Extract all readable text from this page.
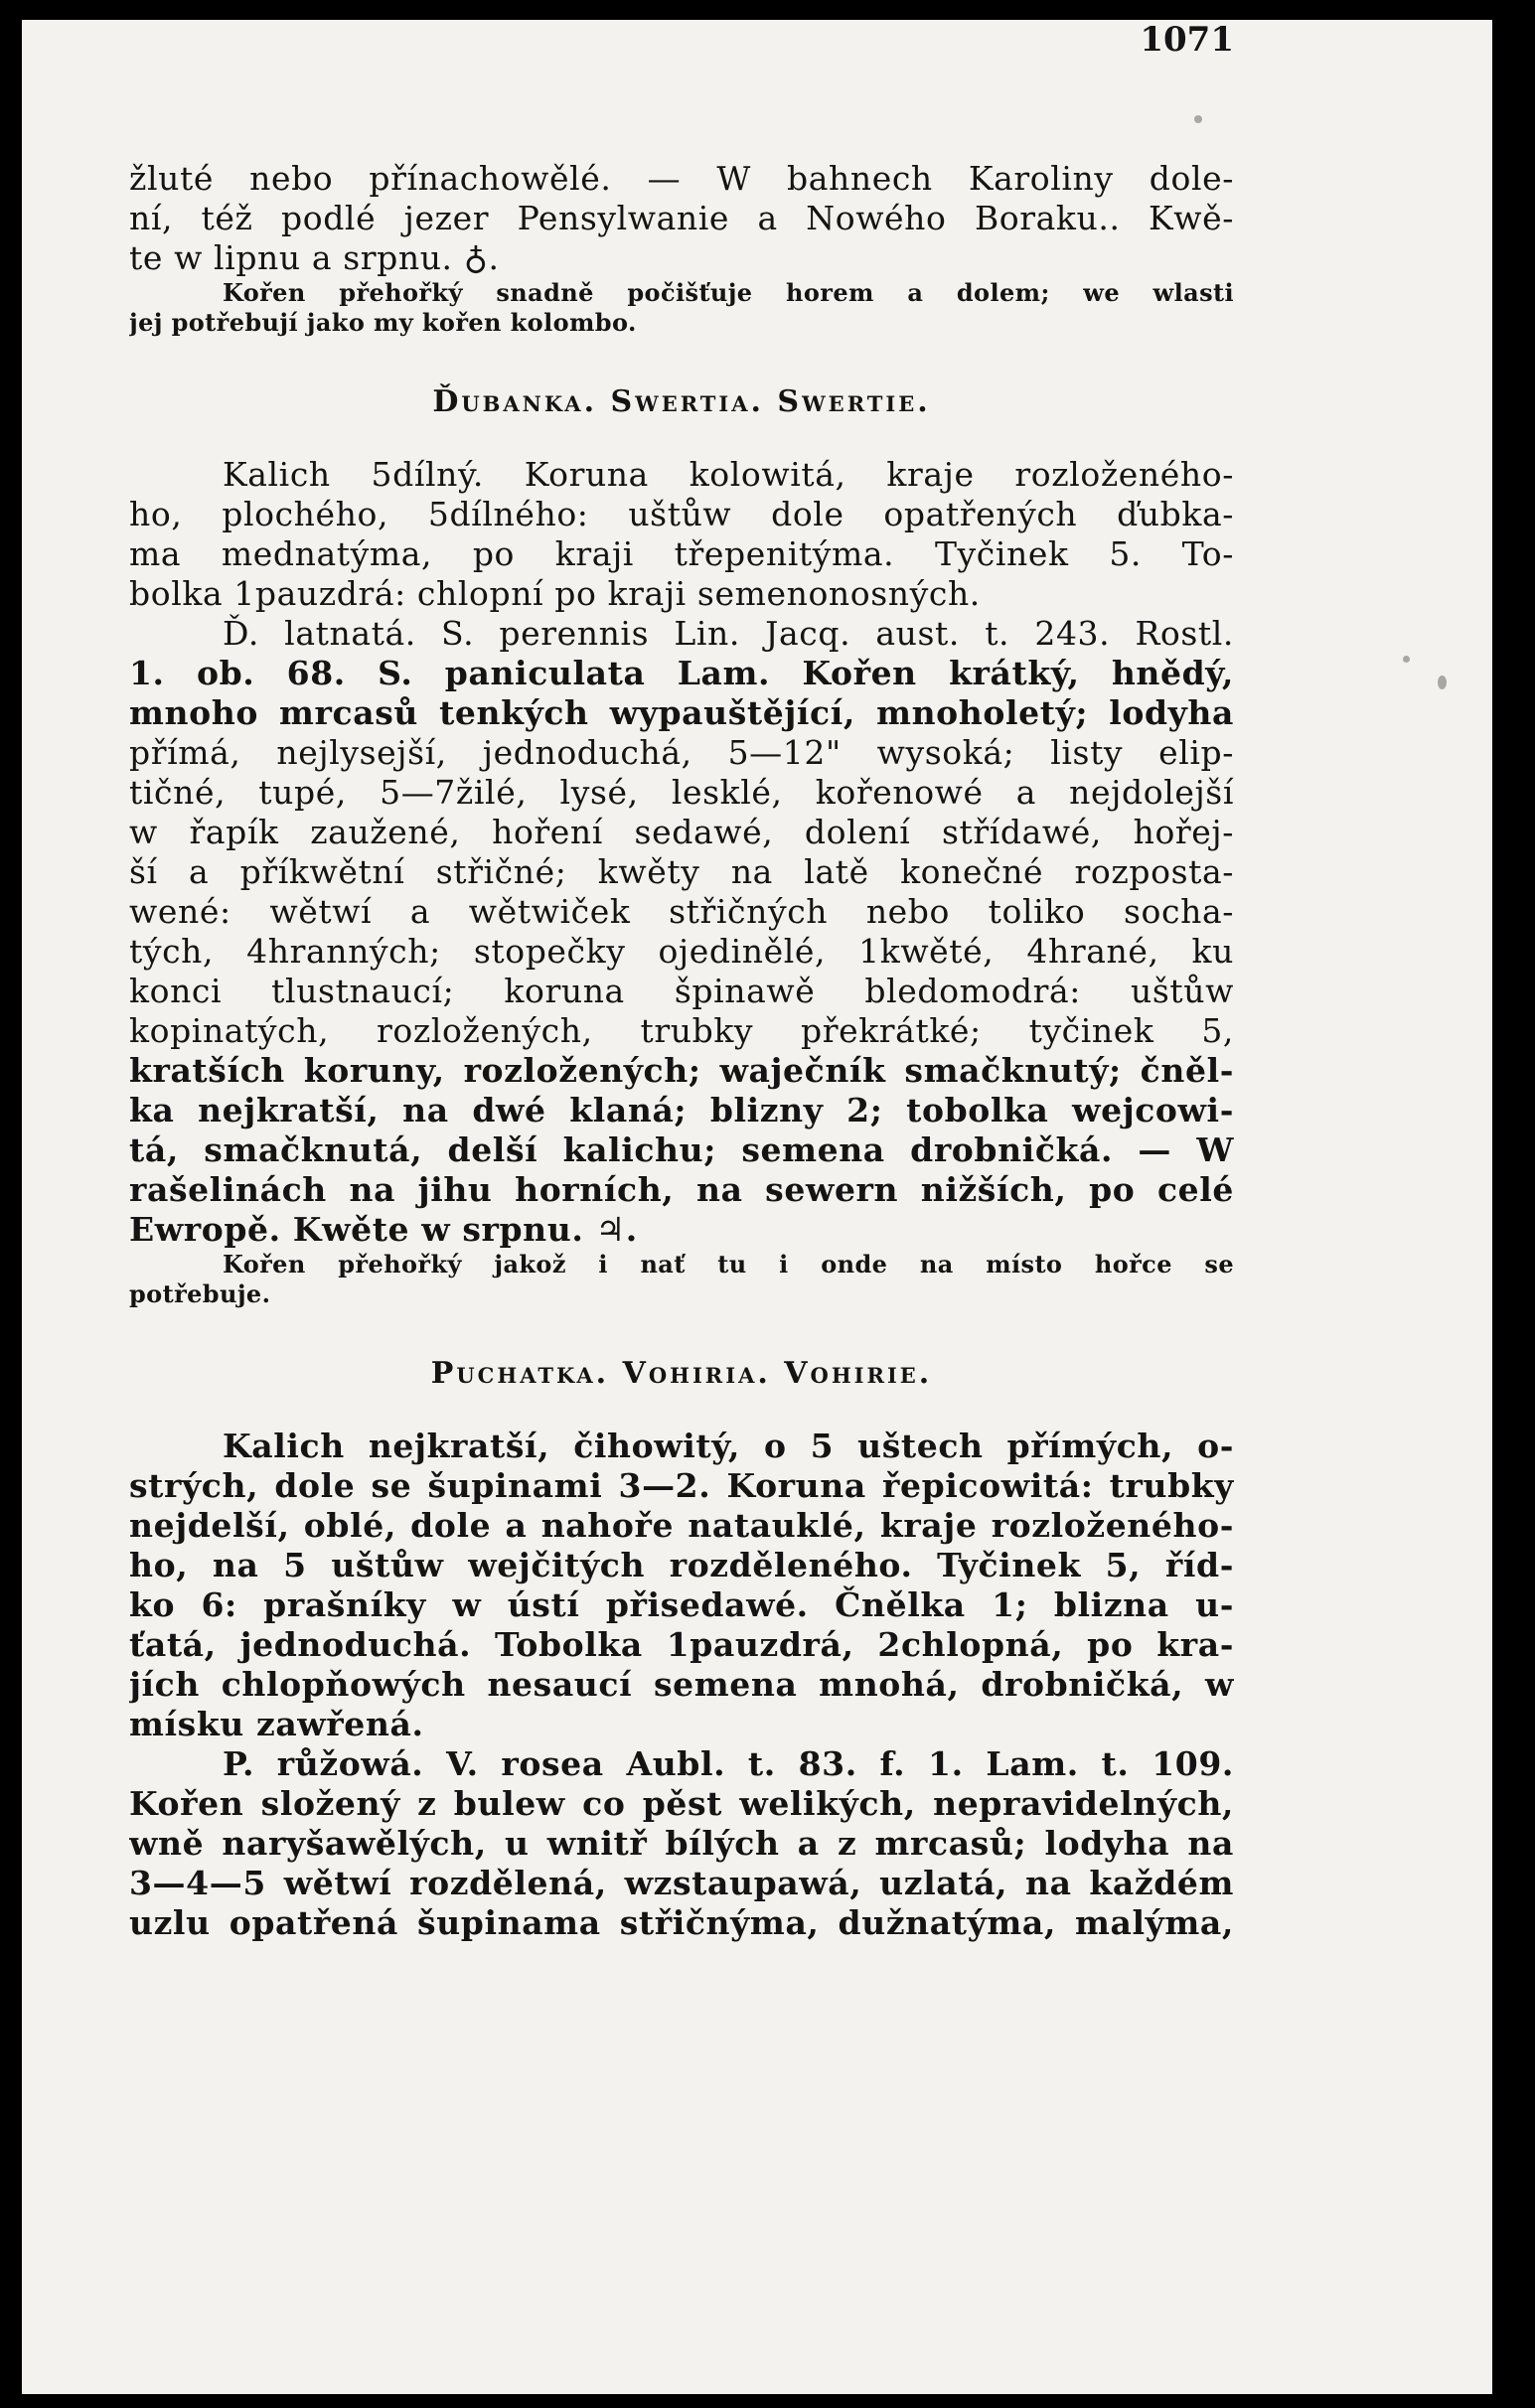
1071
žluté nebo přínachowělé. — W bahnech Karoliny dole-
ní, též podlé jezer Pensylwanie a Nowého Boraku.. Kwě-
te w lipnu a srpnu. ♁.
Kořen přehořký snadně počišťuje horem a dolem; we wlasti
jej potřebují jako my kořen kolombo.
Ďubanka. Swertia. Swertie.
Kalich 5dílný. Koruna kolowitá, kraje rozloženého-
ho, plochého, 5dílného: uštůw dole opatřených ďubka-
ma mednatýma, po kraji třepenitýma. Tyčinek 5. To-
bolka 1pauzdrá: chlopní po kraji semenonosných.
Ď. latnatá. S. perennis Lin. Jacq. aust. t. 243. Rostl.
1. ob. 68. S. paniculata Lam. Kořen krátký, hnědý,
mnoho mrcasů tenkých wypauštějící, mnoholetý; lodyha
přímá, nejlysejší, jednoduchá, 5—12" wysoká; listy elip-
tičné, tupé, 5—7žilé, lysé, lesklé, kořenowé a nejdolejší
w řapík zaužené, hoření sedawé, dolení střídawé, hořej-
ší a příkwětní střičné; kwěty na latě konečné rozposta-
wené: wětwí a wětwiček střičných nebo toliko socha-
tých, 4hranných; stopečky ojedinělé, 1kwěté, 4hrané, ku
konci tlustnaucí; koruna špinawě bledomodrá: uštůw
kopinatých, rozložených, trubky překrátké; tyčinek 5,
kratších koruny, rozložených; waječník smačknutý; čněl-
ka nejkratší, na dwé klaná; blizny 2; tobolka wejcowi-
tá, smačknutá, delší kalichu; semena drobničká. — W
rašelinách na jihu horních, na sewern nižších, po celé
Ewropě. Kwěte w srpnu. ♃.
Kořen přehořký jakož i nať tu i onde na místo hořce se
potřebuje.
Puchatka. Vohiria. Vohirie.
Kalich nejkratší, čihowitý, o 5 uštech přímých, o-
strých, dole se šupinami 3—2. Koruna řepicowitá: trubky
nejdelší, oblé, dole a nahoře natauklé, kraje rozloženého-
ho, na 5 uštůw wejčitých rozděleného. Tyčinek 5, říd-
ko 6: prašníky w ústí přisedawé. Čnělka 1; blizna u-
ťatá, jednoduchá. Tobolka 1pauzdrá, 2chlopná, po kra-
jích chlopňowých nesaucí semena mnohá, drobničká, w
mísku zawřená.
P. růžowá. V. rosea Aubl. t. 83. f. 1. Lam. t. 109.
Kořen složený z bulew co pěst welikých, nepravidelných,
wně naryšawělých, u wnitř bílých a z mrcasů; lodyha na
3—4—5 wětwí rozdělená, wzstaupawá, uzlatá, na každém
uzlu opatřená šupinama střičnýma, dužnatýma, malýma,
